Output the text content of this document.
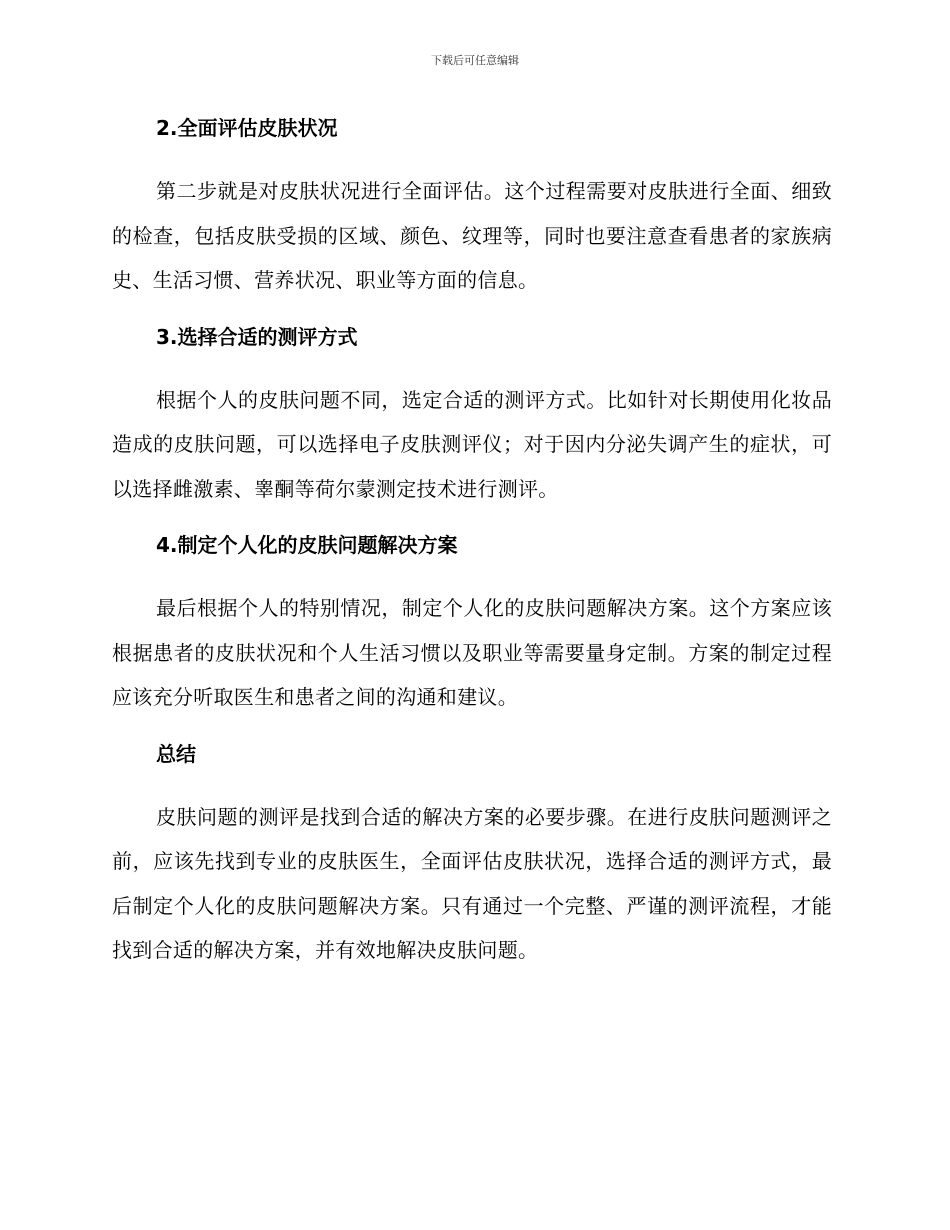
下载后可任意编辑
2.全面评估皮肤状况

第二步就是对皮肤状况进行全面评估。这个过程需要对皮肤进行全面、细致的检查，包括皮肤受损的区域、颜色、纹理等，同时也要注意查看患者的家族病史、生活习惯、营养状况、职业等方面的信息。

3.选择合适的测评方式

根据个人的皮肤问题不同，选定合适的测评方式。比如针对长期使用化妆品造成的皮肤问题，可以选择电子皮肤测评仪；对于因内分泌失调产生的症状，可以选择雌激素、睾酮等荷尔蒙测定技术进行测评。

4.制定个人化的皮肤问题解决方案

最后根据个人的特别情况，制定个人化的皮肤问题解决方案。这个方案应该根据患者的皮肤状况和个人生活习惯以及职业等需要量身定制。方案的制定过程应该充分听取医生和患者之间的沟通和建议。

总结

皮肤问题的测评是找到合适的解决方案的必要步骤。在进行皮肤问题测评之前，应该先找到专业的皮肤医生，全面评估皮肤状况，选择合适的测评方式，最后制定个人化的皮肤问题解决方案。只有通过一个完整、严谨的测评流程，才能找到合适的解决方案，并有效地解决皮肤问题。
